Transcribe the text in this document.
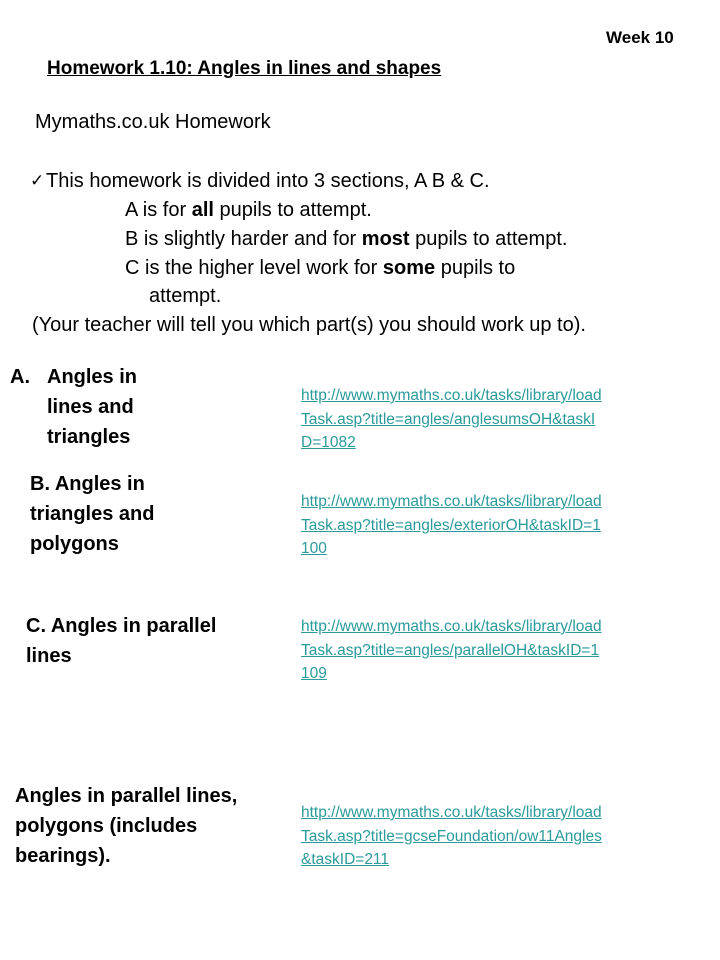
Week 10
Homework 1.10: Angles in lines and shapes
Mymaths.co.uk Homework
✓This homework is divided into 3 sections, A B & C.
A is for all pupils to attempt.
B is slightly harder and for most pupils to attempt.
C is the higher level work for some pupils to
attempt.
(Your teacher will tell you which part(s) you should work up to).
A. Angles in lines and triangles
http://www.mymaths.co.uk/tasks/library/load
Task.asp?title=angles/anglesumsOH&taskI
D=1082
B. Angles in triangles and polygons
http://www.mymaths.co.uk/tasks/library/load
Task.asp?title=angles/exteriorOH&taskID=1
100
C. Angles in parallel lines
http://www.mymaths.co.uk/tasks/library/load
Task.asp?title=angles/parallelOH&taskID=1
109
Angles in parallel lines, polygons (includes bearings).
http://www.mymaths.co.uk/tasks/library/load
Task.asp?title=gcseFoundation/ow11Angles
&taskID=211
